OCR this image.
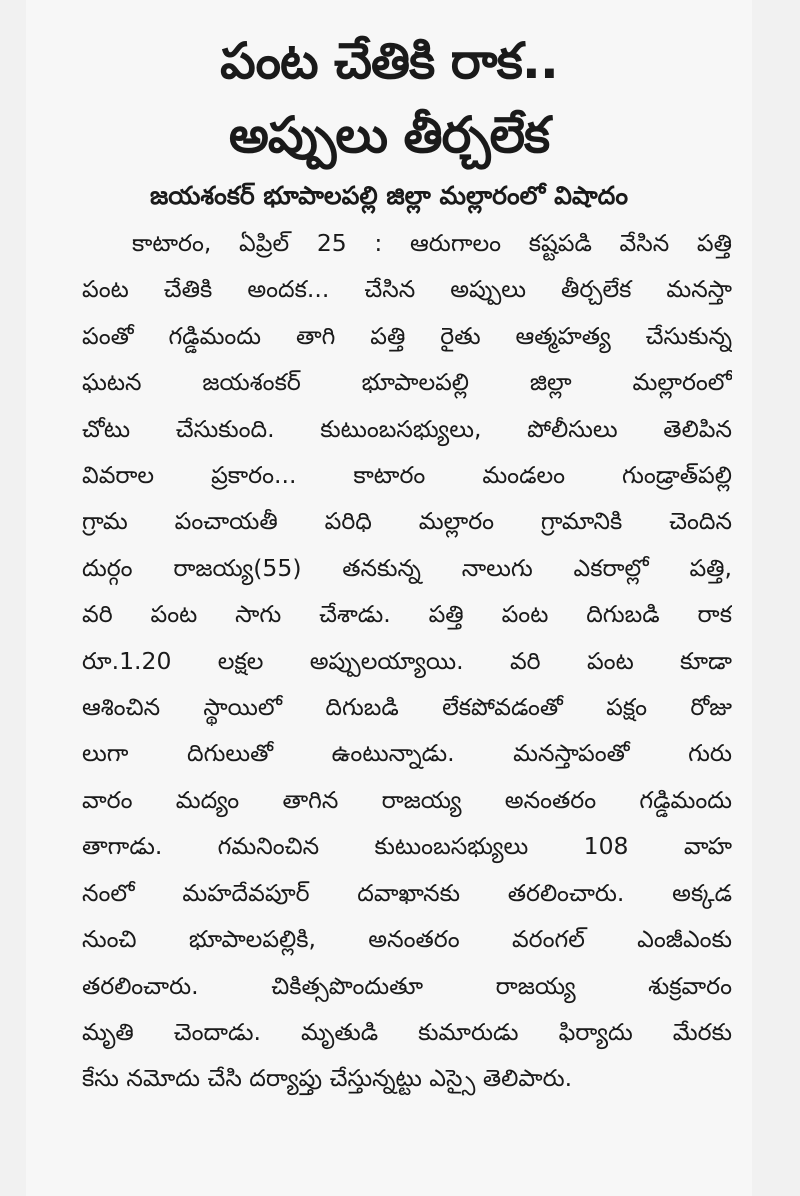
పంట చేతికి రాక..
అప్పులు తీర్చలేక
జయశంకర్ భూపాలపల్లి జిల్లా మల్లారంలో విషాదం
కాటారం, ఏప్రిల్ 25 : ఆరుగాలం కష్టపడి వేసిన పత్తి
పంట చేతికి అందక... చేసిన అప్పులు తీర్చలేక మనస్తా
పంతో గడ్డిమందు తాగి పత్తి రైతు ఆత్మహత్య చేసుకున్న
ఘటన జయశంకర్ భూపాలపల్లి జిల్లా మల్లారంలో
చోటు చేసుకుంది. కుటుంబసభ్యులు, పోలీసులు తెలిపిన
వివరాల ప్రకారం... కాటారం మండలం గుండ్రాత్‌పల్లి
గ్రామ పంచాయతీ పరిధి మల్లారం గ్రామానికి చెందిన
దుర్గం రాజయ్య(55) తనకున్న నాలుగు ఎకరాల్లో పత్తి,
వరి పంట సాగు చేశాడు. పత్తి పంట దిగుబడి రాక
రూ.1.20 లక్షల అప్పులయ్యాయి. వరి పంట కూడా
ఆశించిన స్థాయిలో దిగుబడి లేకపోవడంతో పక్షం రోజు
లుగా దిగులుతో ఉంటున్నాడు. మనస్తాపంతో గురు
వారం మద్యం తాగిన రాజయ్య అనంతరం గడ్డిమందు
తాగాడు. గమనించిన కుటుంబసభ్యులు 108 వాహ
నంలో మహదేవపూర్ దవాఖానకు తరలించారు. అక్కడ
నుంచి భూపాలపల్లికి, అనంతరం వరంగల్ ఎంజీఎంకు
తరలించారు. చికిత్సపొందుతూ రాజయ్య శుక్రవారం
మృతి చెందాడు. మృతుడి కుమారుడు ఫిర్యాదు మేరకు
కేసు నమోదు చేసి దర్యాప్తు చేస్తున్నట్టు ఎస్సై తెలిపారు.
